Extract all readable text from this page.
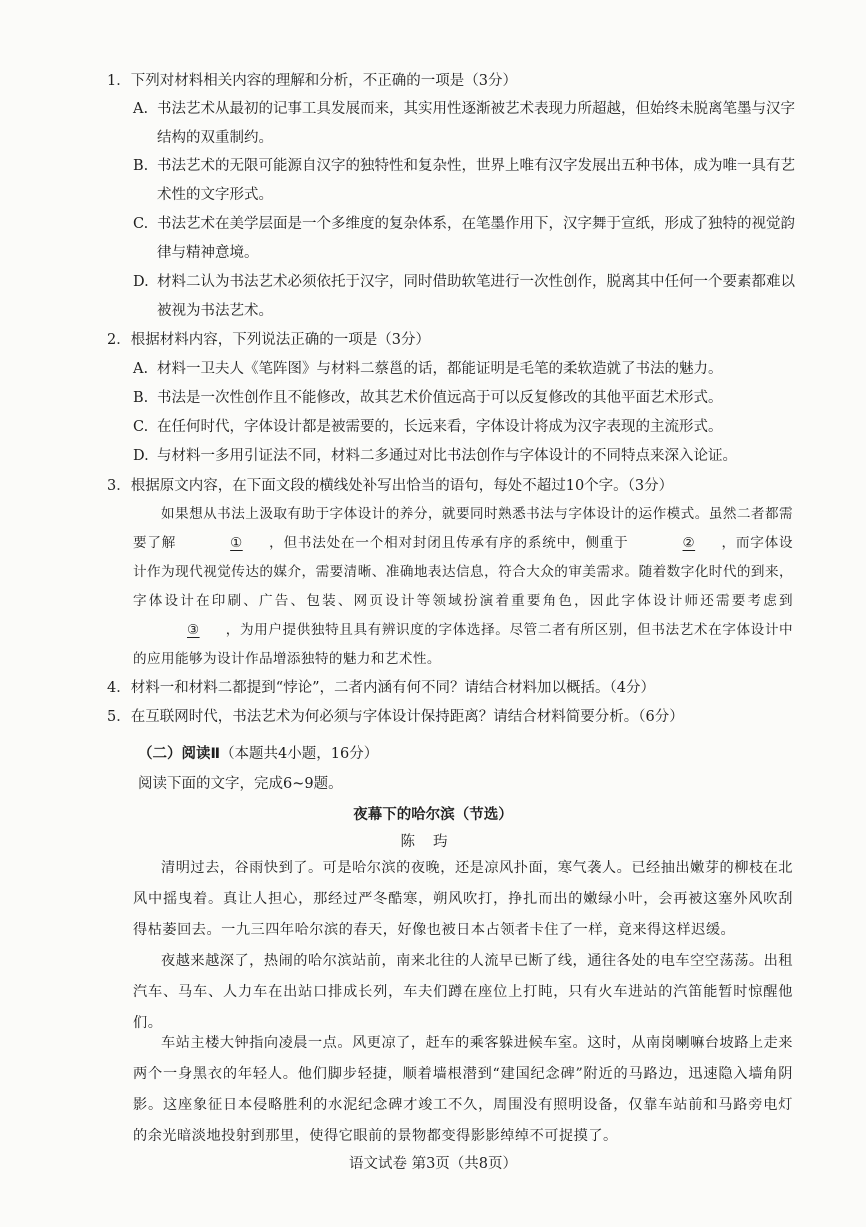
1．下列对材料相关内容的理解和分析，不正确的一项是（3分）
A. 书法艺术从最初的记事工具发展而来，其实用性逐渐被艺术表现力所超越，但始终未脱离笔墨与汉字结构的双重制约。
B. 书法艺术的无限可能源自汉字的独特性和复杂性，世界上唯有汉字发展出五种书体，成为唯一具有艺术性的文字形式。
C. 书法艺术在美学层面是一个多维度的复杂体系，在笔墨作用下，汉字舞于宣纸，形成了独特的视觉韵律与精神意境。
D. 材料二认为书法艺术必须依托于汉字，同时借助软笔进行一次性创作，脱离其中任何一个要素都难以被视为书法艺术。
2．根据材料内容，下列说法正确的一项是（3分）
A. 材料一卫夫人《笔阵图》与材料二蔡邕的话，都能证明是毛笔的柔软造就了书法的魅力。
B. 书法是一次性创作且不能修改，故其艺术价值远高于可以反复修改的其他平面艺术形式。
C. 在任何时代，字体设计都是被需要的，长远来看，字体设计将成为汉字表现的主流形式。
D. 与材料一多用引证法不同，材料二多通过对比书法创作与字体设计的不同特点来深入论证。
3．根据原文内容，在下面文段的横线处补写出恰当的语句，每处不超过10个字。（3分）
如果想从书法上汲取有助于字体设计的养分，就要同时熟悉书法与字体设计的运作模式。虽然二者都需要了解	① ，但书法处在一个相对封闭且传承有序的系统中，侧重于	② ，而字体设计作为现代视觉传达的媒介，需要清晰、准确地表达信息，符合大众的审美需求。随着数字化时代的到来，字体设计在印刷、广告、包装、网页设计等领域扮演着重要角色，因此字体设计师还需要考虑到③ ，为用户提供独特且具有辨识度的字体选择。尽管二者有所区别，但书法艺术在字体设计中的应用能够为设计作品增添独特的魅力和艺术性。
4．材料一和材料二都提到“悖论”，二者内涵有何不同？请结合材料加以概括。（4分）
5．在互联网时代，书法艺术为何必须与字体设计保持距离？请结合材料简要分析。（6分）
（二）阅读Ⅱ（本题共4小题，16分）
阅读下面的文字，完成6~9题。
夜幕下的哈尔滨（节选）
陈玙
清明过去，谷雨快到了。可是哈尔滨的夜晚，还是凉风扑面，寒气袭人。已经抽出嫩芽的柳枝在北风中摇曳着。真让人担心，那经过严冬酷寒，朔风吹打，挣扎而出的嫩绿小叶，会再被这塞外风吹刮得枯萎回去。一九三四年哈尔滨的春天，好像也被日本占领者卡住了一样，竟来得这样迟缓。
夜越来越深了，热闹的哈尔滨站前，南来北往的人流早已断了线，通往各处的电车空空荡荡。出租汽车、马车、人力车在出站口排成长列，车夫们蹲在座位上打盹，只有火车进站的汽笛能暂时惊醒他们。
车站主楼大钟指向凌晨一点。风更凉了，赶车的乘客躲进候车室。这时，从南岗喇嘛台坡路上走来两个一身黑衣的年轻人。他们脚步轻捷，顺着墙根潜到“建国纪念碑”附近的马路边，迅速隐入墙角阴影。这座象征日本侵略胜利的水泥纪念碑才竣工不久，周围没有照明设备，仅靠车站前和马路旁电灯的余光暗淡地投射到那里，使得它眼前的景物都变得影影绰绰不可捉摸了。
语文试卷 第3页（共8页）
